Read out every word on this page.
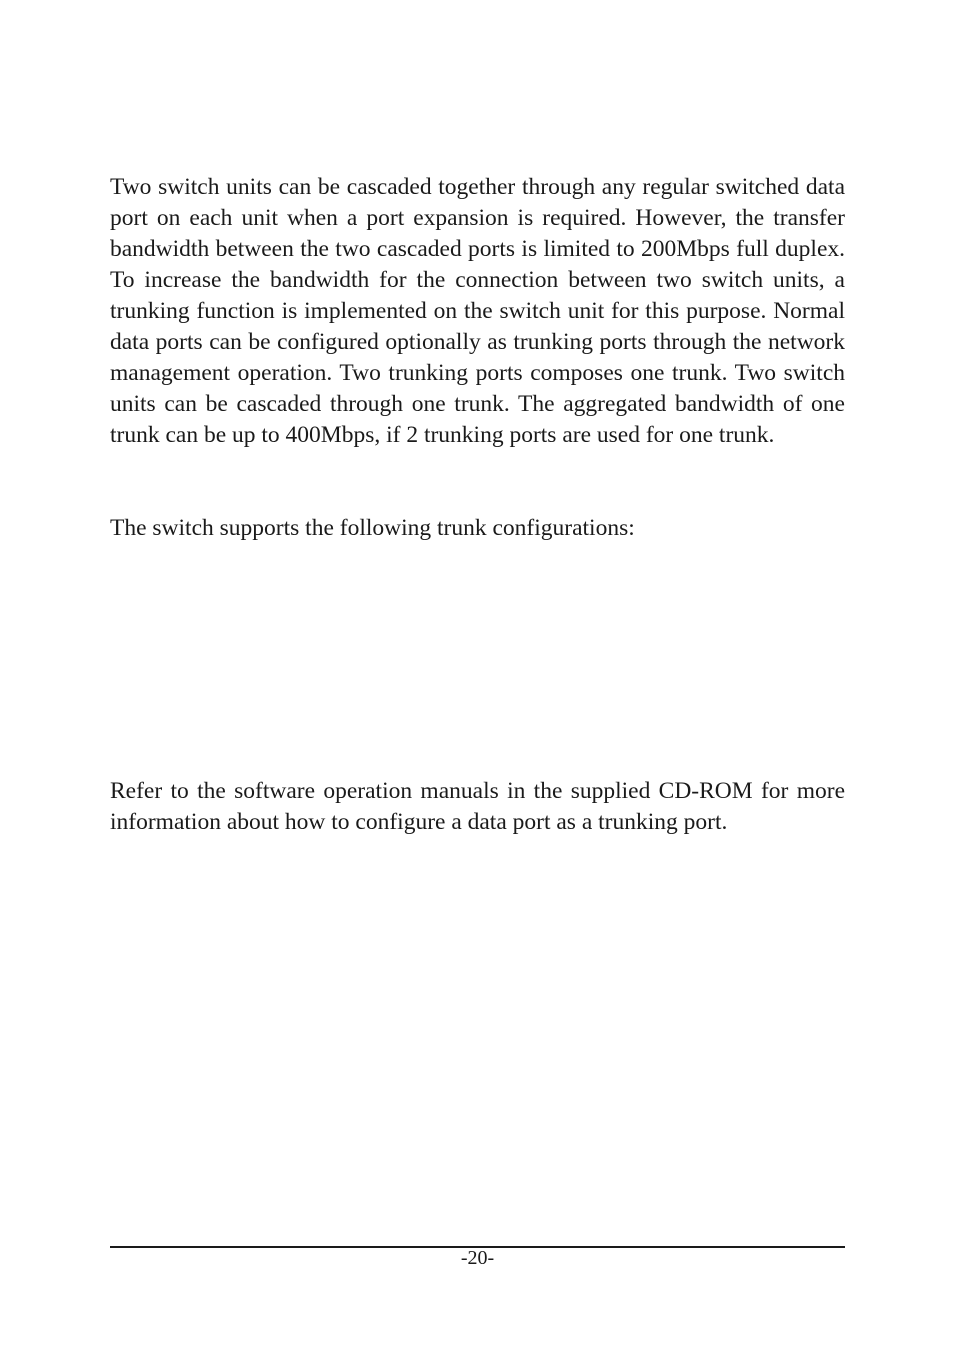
Two switch units can be cascaded together through any regular switched data port on each unit when a port expansion is required. However, the transfer bandwidth between the two cascaded ports is limited to 200Mbps full duplex. To increase the bandwidth for the connection between two switch units, a trunking function is implemented on the switch unit for this purpose. Normal data ports can be configured optionally as trunking ports through the network management operation. Two trunking ports composes one trunk. Two switch units can be cascaded through one trunk. The aggregated bandwidth of one trunk can be up to 400Mbps, if 2 trunking ports are used for one trunk.

The switch supports the following trunk configurations:

Refer to the software operation manuals in the supplied CD-ROM for more information about how to configure a data port as a trunking port.

-20-
